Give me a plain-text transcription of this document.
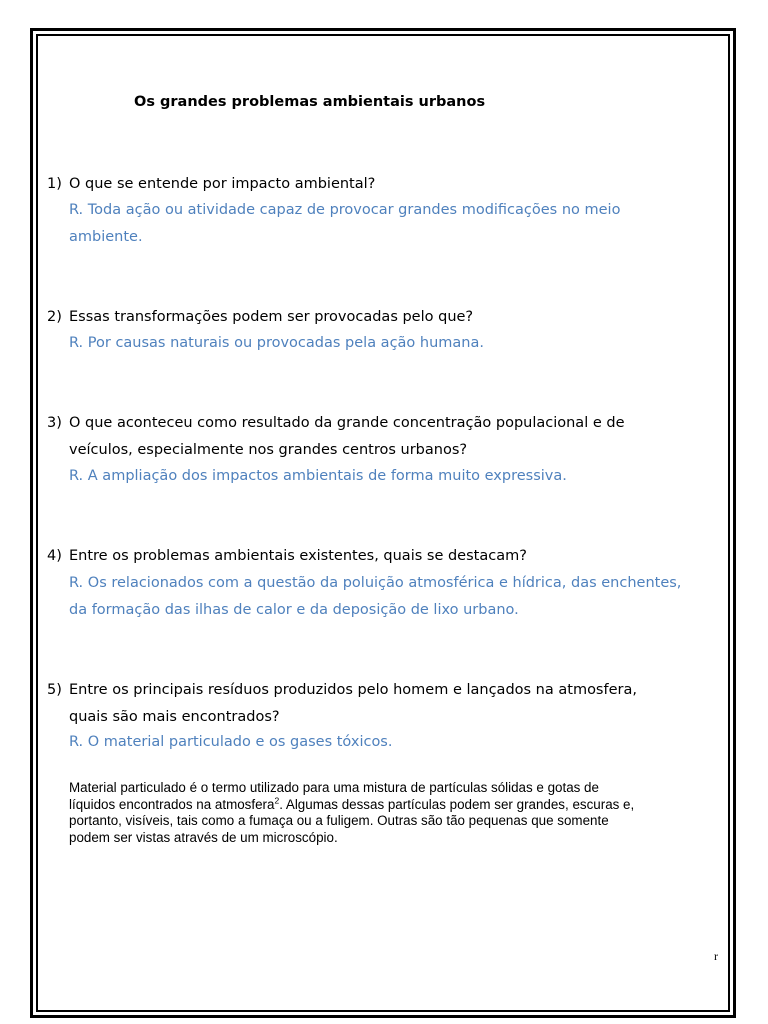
Os grandes problemas ambientais urbanos
1) O que se entende por impacto ambiental?
R. Toda ação ou atividade capaz de provocar grandes modificações no meio
ambiente.
2) Essas transformações podem ser provocadas pelo que?
R. Por causas naturais ou provocadas pela ação humana.
3) O que aconteceu como resultado da grande concentração populacional e de
veículos, especialmente nos grandes centros urbanos?
R. A ampliação dos impactos ambientais de forma muito expressiva.
4) Entre os problemas ambientais existentes, quais se destacam?
R. Os relacionados com a questão da poluição atmosférica e hídrica, das enchentes,
da formação das ilhas de calor e da deposição de lixo urbano.
5) Entre os principais resíduos produzidos pelo homem e lançados na atmosfera,
quais são mais encontrados?
R. O material particulado e os gases tóxicos.
Material particulado é o termo utilizado para uma mistura de partículas sólidas e gotas de
líquidos encontrados na atmosfera$^2$. Algumas dessas partículas podem ser grandes, escuras e,
portanto, visíveis, tais como a fumaça ou a fuligem. Outras são tão pequenas que somente
podem ser vistas através de um microscópio.
r
